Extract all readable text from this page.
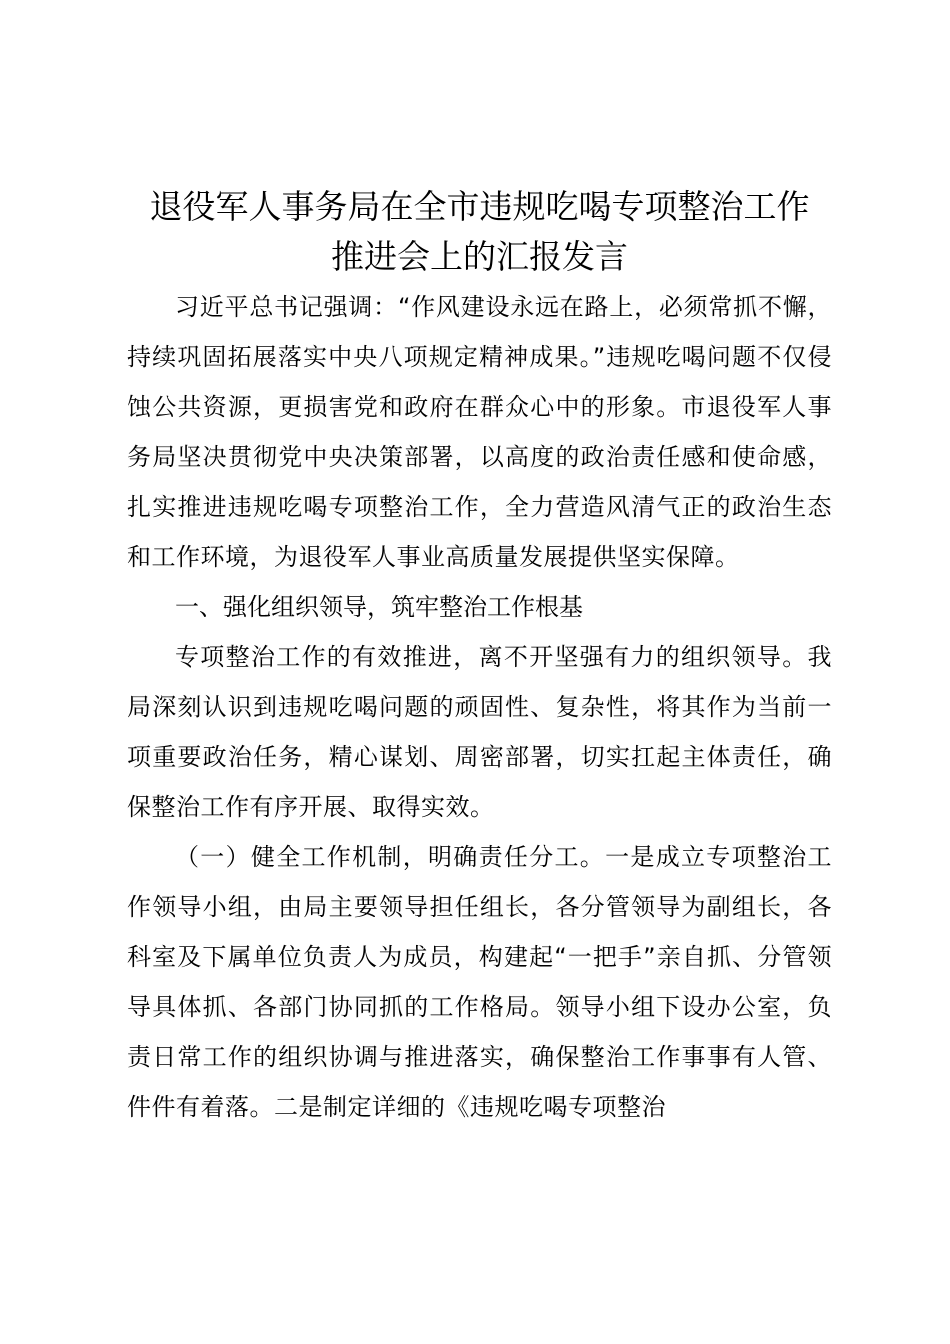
退役军人事务局在全市违规吃喝专项整治工作
推进会上的汇报发言

习近平总书记强调：“作风建设永远在路上，必须常抓不懈，持续巩固拓展落实中央八项规定精神成果。”违规吃喝问题不仅侵蚀公共资源，更损害党和政府在群众心中的形象。市退役军人事务局坚决贯彻党中央决策部署，以高度的政治责任感和使命感，扎实推进违规吃喝专项整治工作，全力营造风清气正的政治生态和工作环境，为退役军人事业高质量发展提供坚实保障。

一、强化组织领导，筑牢整治工作根基

专项整治工作的有效推进，离不开坚强有力的组织领导。我局深刻认识到违规吃喝问题的顽固性、复杂性，将其作为当前一项重要政治任务，精心谋划、周密部署，切实扛起主体责任，确保整治工作有序开展、取得实效。

（一）健全工作机制，明确责任分工。一是成立专项整治工作领导小组，由局主要领导担任组长，各分管领导为副组长，各科室及下属单位负责人为成员，构建起“一把手”亲自抓、分管领导具体抓、各部门协同抓的工作格局。领导小组下设办公室，负责日常工作的组织协调与推进落实，确保整治工作事事有人管、件件有着落。二是制定详细的《违规吃喝专项整治
